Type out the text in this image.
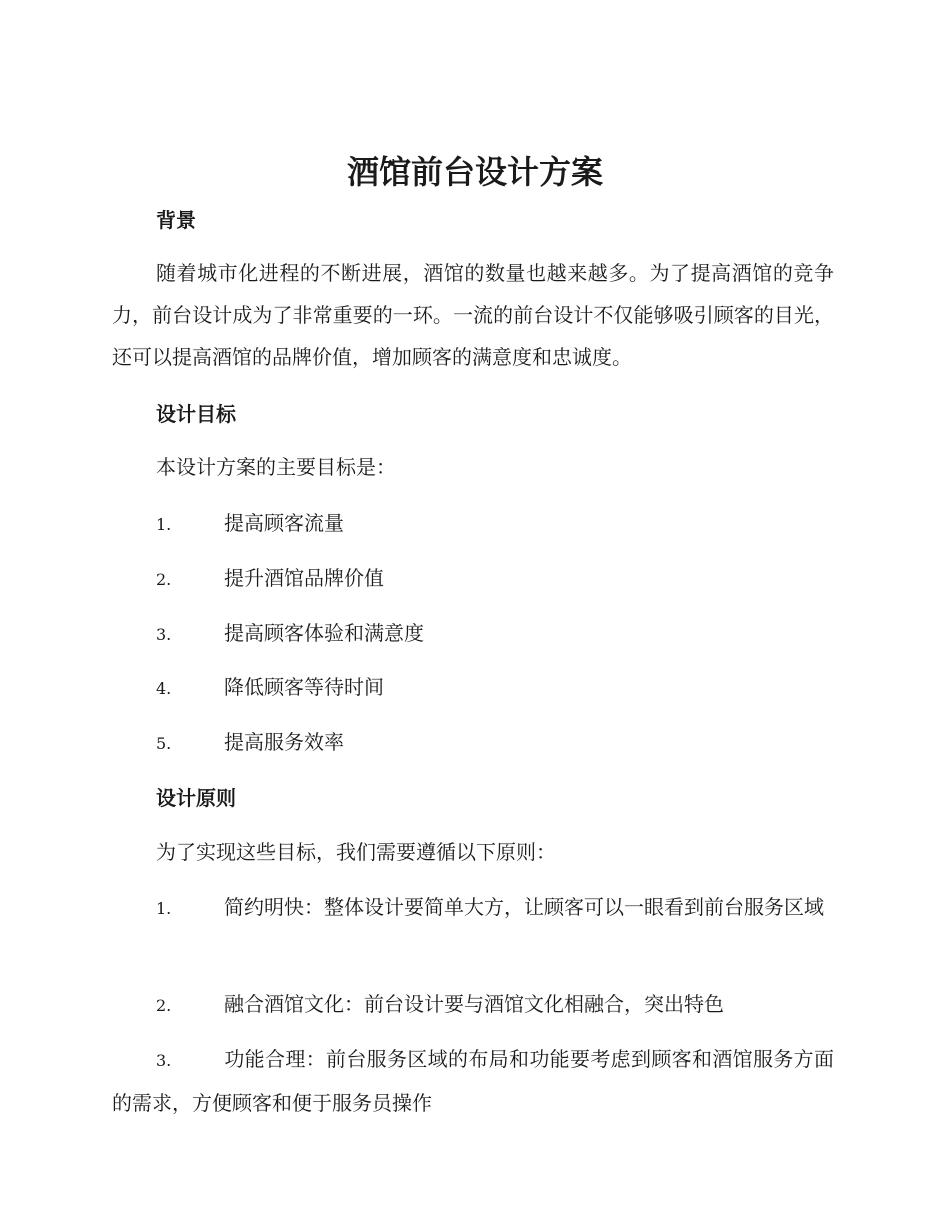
酒馆前台设计方案
背景

随着城市化进程的不断进展，酒馆的数量也越来越多。为了提高酒馆的竞争力，前台设计成为了非常重要的一环。一流的前台设计不仅能够吸引顾客的目光，还可以提高酒馆的品牌价值，增加顾客的满意度和忠诚度。

设计目标

本设计方案的主要目标是：

1.	提高顾客流量
2.	提升酒馆品牌价值
3.	提高顾客体验和满意度
4.	降低顾客等待时间
5.	提高服务效率
设计原则

为了实现这些目标，我们需要遵循以下原则：

1.	简约明快：整体设计要简单大方，让顾客可以一眼看到前台服务区域

2.	融合酒馆文化：前台设计要与酒馆文化相融合，突出特色

3.	功能合理：前台服务区域的布局和功能要考虑到顾客和酒馆服务方面的需求，方便顾客和便于服务员操作
